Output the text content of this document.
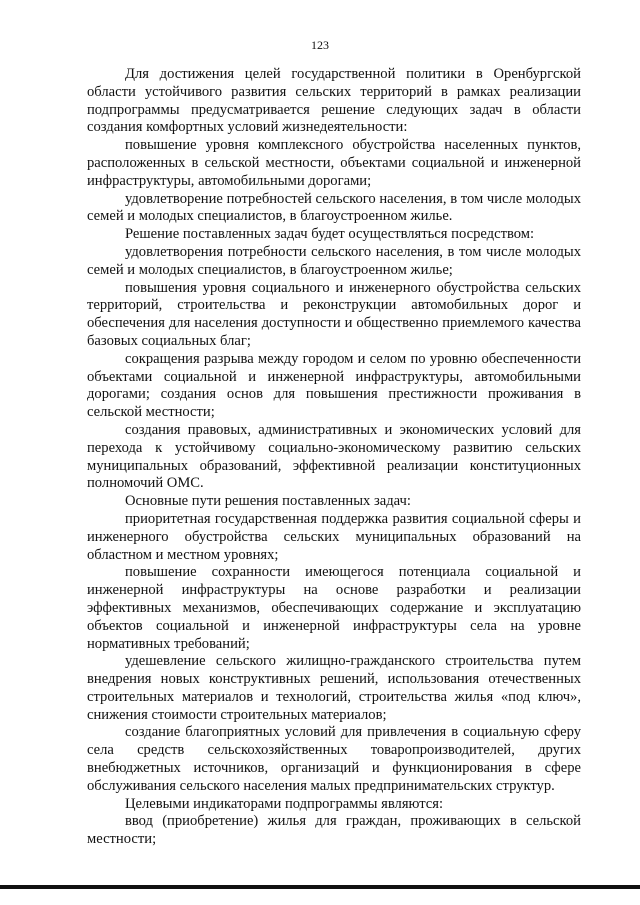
123

Для достижения целей государственной политики в Оренбургской области устойчивого развития сельских территорий в рамках реализации подпрограммы предусматривается решение следующих задач в области создания комфортных условий жизнедеятельности:

повышение уровня комплексного обустройства населенных пунктов, расположенных в сельской местности, объектами социальной и инженерной инфраструктуры, автомобильными дорогами;

удовлетворение потребностей сельского населения, в том числе молодых семей и молодых специалистов, в благоустроенном жилье.

Решение поставленных задач будет осуществляться посредством:

удовлетворения потребности сельского населения, в том числе молодых семей и молодых специалистов, в благоустроенном жилье;

повышения уровня социального и инженерного обустройства сельских территорий, строительства и реконструкции автомобильных дорог и обеспечения для населения доступности и общественно приемлемого качества базовых социальных благ;

сокращения разрыва между городом и селом по уровню обеспеченности объектами социальной и инженерной инфраструктуры, автомобильными дорогами; создания основ для повышения престижности проживания в сельской местности;

создания правовых, административных и экономических условий для перехода к устойчивому социально-экономическому развитию сельских муниципальных образований, эффективной реализации конституционных полномочий ОМС.

Основные пути решения поставленных задач:

приоритетная государственная поддержка развития социальной сферы и инженерного обустройства сельских муниципальных образований на областном и местном уровнях;

повышение сохранности имеющегося потенциала социальной и инженерной инфраструктуры на основе разработки и реализации эффективных механизмов, обеспечивающих содержание и эксплуатацию объектов социальной и инженерной инфраструктуры села на уровне нормативных требований;

удешевление сельского жилищно-гражданского строительства путем внедрения новых конструктивных решений, использования отечественных строительных материалов и технологий, строительства жилья «под ключ», снижения стоимости строительных материалов;

создание благоприятных условий для привлечения в социальную сферу села средств сельскохозяйственных товаропроизводителей, других внебюджетных источников, организаций и функционирования в сфере обслуживания сельского населения малых предпринимательских структур.

Целевыми индикаторами подпрограммы являются:

ввод (приобретение) жилья для граждан, проживающих в сельской местности;
